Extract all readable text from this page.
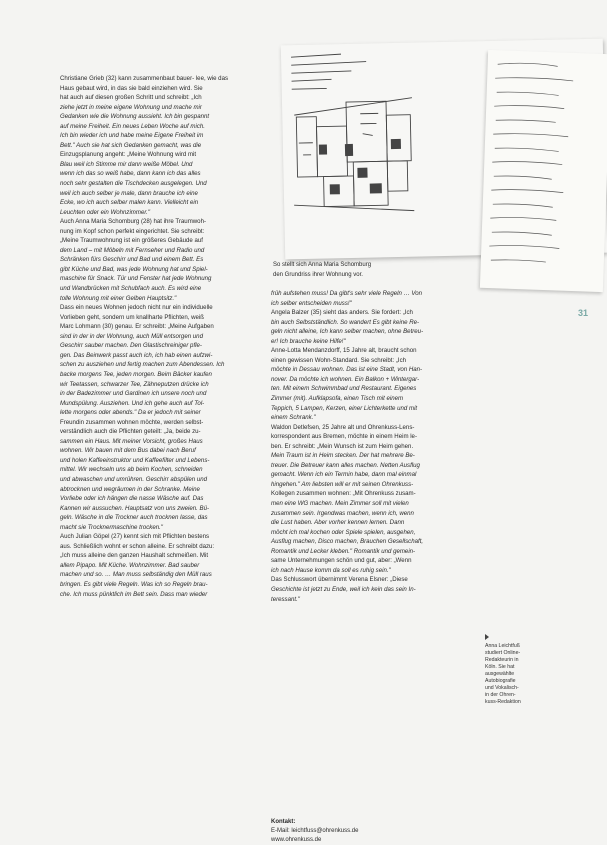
So stellt sich Anna Maria Schomburg
den Grundriss ihrer Wohnung vor.
31

Christiane Grieb (32) kann zusammenbaut bauer- lee, wie das

Haus gebaut wird, in das sie bald einziehen wird. Sie

hat auch auf diesen großen Schritt und schreibt: „Ich

ziehe jetzt in meine eigene Wohnung und mache mir

Gedanken wie die Wohnung aussieht. Ich bin gespannt

auf meine Freiheit. Ein neues Leben Woche auf mich.

Ich bin wieder ich und habe meine Eigene Freiheit im

Bett." Auch sie hat sich Gedanken gemacht, was die

Einzugsplanung angeht: „Meine Wohnung wird mit

Blau weil ich Stimme mir dann weiße Möbel. Und

wenn ich das so weiß habe, dann kann ich das alles

noch sehr gestalten die Tischdecken ausgelegen. Und

weil ich auch selber je male, dann brauche ich eine

Ecke, wo ich auch selber malen kann. Vielleicht ein

Leuchten oder ein Wohnzimmer."

Auch Anna Maria Schomburg (28) hat ihre Traumwoh-

nung im Kopf schon perfekt eingerichtet. Sie schreibt:

„Meine Traumwohnung ist ein größeres Gebäude auf

dem Land – mit Möbeln mit Fernseher und Radio und

Schränken fürs Geschirr und Bad und einem Bett. Es

gibt Küche und Bad, was jede Wohnung hat und Spiel-

maschine für Snack. Tür und Fenster hat jede Wohnung

und Wandbrücken mit Schubfach auch. Es wird eine

tolle Wohnung mit einer Gelben Hauptsitz."

Dass ein neues Wohnen jedoch nicht nur ein individuelle

Vorlieben geht, sondern um knallharte Pflichten, weiß

Marc Lohmann (30) genau. Er schreibt: „Meine Aufgaben

sind in der in der Wohnung, auch Müll entsorgen und

Geschirr sauber machen. Den Glastischreiniger pfle-

gen. Das Beinwerk passt auch ich, ich hab einen aufzwi-

schen zu ausziehen und fertig machen zum Abendessen. Ich

backe morgens Tee, jeden morgen. Beim Bäcker kaufen

wir Teetassen, schwarzer Tee, Zähneputzen drücke ich

in der Badezimmer und Gardinen ich unsere noch und

Mundspülung. Ausziehen. Und ich gehe auch auf Tol-

lette morgens oder abends." Da er jedoch mit seiner

Freundin zusammen wohnen möchte, werden selbst-

verständlich auch die Pflichten geteilt: „Ja, beide zu-

sammen ein Haus. Mit meiner Vorsicht, großes Haus

wohnen. Wir bauen mit dem Bus dabei nach Beruf

und holen Kaffeeinstruktor und Kaffeefilter und Lebens-

mittel. Wir wechseln uns ab beim Kochen, schneiden

und abwaschen und umrühren. Geschirr abspülen und

abtrocknen und wegräumen in der Schranke. Meine

Vorliebe oder ich hängen die nasse Wäsche auf. Das

Kannen wir aussuchen. Hauptsatz von uns zweien. Bü-

geln. Wäsche in die Trockner auch trocknen lasse, das

macht sie Trocknermaschine trocken."

Auch Julian Göpel (27) kennt sich mit Pflichten bestens

aus. Schließlich wohnt er schon alleine. Er schreibt dazu:

„Ich muss alleine den ganzen Haushalt schmeißen. Mit

allem Pipapo. Mit Küche. Wohnzimmer. Bad sauber

machen und so. … Man muss selbständig den Müll raus

bringen. Es gibt viele Regeln. Was ich so Regeln brau-

che. Ich muss pünktlich im Bett sein. Dass man wieder

früh aufstehen muss! Da gibt's sehr viele Regeln … Von

ich selber entscheiden muss!"

Angela Balzer (35) sieht das anders. Sie fordert: „Ich

bin auch Selbstständlich. So wandert Es gibt keine Re-

geln nicht alleine, Ich kann selber machen, ohne Betreu-

er! Ich brauche keine Hilfe!"

Anne-Lotta Mendanzdorff, 15 Jahre alt, braucht schon

einen gewissen Wohn-Standard. Sie schreibt: „Ich

möchte in Dessau wohnen. Das ist eine Stadt, von Han-

nover. Da möchte ich wohnen. Ein Balkon + Wintergar-

ten. Mit einem Schwimmbad und Restaurant. Eigenes

Zimmer (mit). Aufklapsofa, einen Tisch mit einem

Teppich, 5 Lampen, Kerzen, einer Lichterkette und mit

einem Schrank."

Waldon Detlefsen, 25 Jahre alt und Ohrenkuss-Lens-

korrespondent aus Bremen, möchte in einem Heim le-

ben. Er schreibt: „Mein Wunsch ist zum Heim gehen.

Mein Traum ist in Heim stecken. Der hat mehrere Be-

treuer. Die Betreuer kann alles machen. Netten Ausflug

gemacht. Wenn ich ein Termin habe, dann mal einmal

hingehen." Am liebsten will er mit seinen Ohrenkuss-

Kollegen zusammen wohnen: „Mit Ohrenkuss zusam-

men eine WG machen. Mein Zimmer soll mit vielen

zusammen sein. Irgendwas machen, wenn ich, wenn

die Lust haben. Aber vorher kennen lernen. Dann

möcht ich mal kochen oder Spiele spielen, ausgehen,

Ausflug machen, Disco machen, Brauchen Gesellschaft,

Romantik und Lecker kleben." Romantik und gemein-

same Unternehmungen schön und gut, aber: „Wenn

ich nach Hause komm da soll es ruhig sein."

Das Schlusswort übernimmt Verena Elsner: „Diese

Geschichte ist jetzt zu Ende, weil ich kein das sein In-

teressant."

Anna Leichtfuß
studiert Online-
Redakteurin in
Köln. Sie hat
ausgewählte
Autobiografie
und Vokalisch-
in der Ohren-
kuss-Redaktion
Kontakt:
E-Mail: leichtfuss@ohrenkuss.de
www.ohrenkuss.de
